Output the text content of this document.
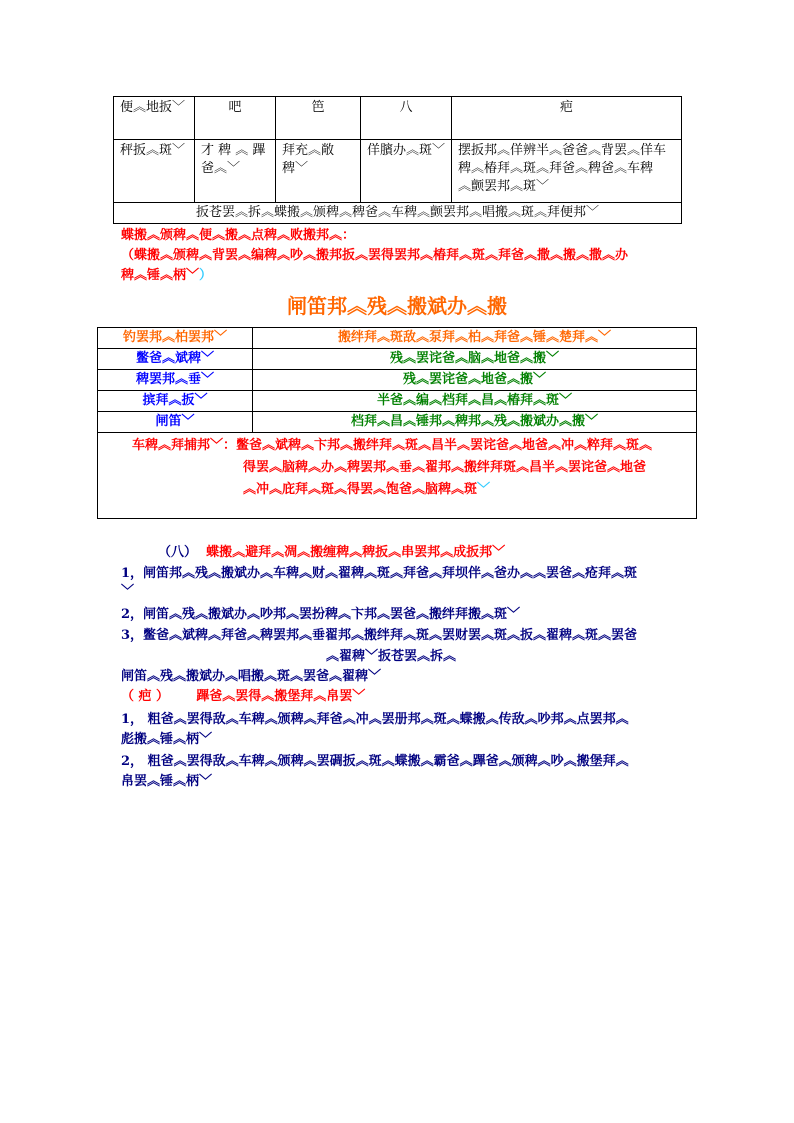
便︽地扳﹀	吧	笆	八	疤
秤扳︽斑﹀	才 稗 ︽ 蹕 爸︽﹀	拜充︽敞稗﹀	佯臏办︽斑﹀	摆扳邦︽佯辨半︽爸爸︽背罢︽佯车稗︽椿拜︽斑︽拜爸︽稗爸︽车稗︽颤罢邦︽斑﹀
扳苍罢︽拆︽蝶搬︽颁稗︽稗爸︽车稗︽颤罢邦︽唱搬︽斑︽拜便邦﹀				
蝶搬︽颁稗︽便︽搬︽点稗︽败搬邦︽：
（蝶搬︽颁稗︽背罢︽编稗︽吵︽搬邦扳︽罢得罢邦︽椿拜︽斑︽拜爸︽撒︽搬︽撒︽办
稗︽锤︽柄﹀）
闸笛邦︽残︽搬斌办︽搬
钓罢邦︽柏罢邦﹀	搬绊拜︽斑敌︽泵拜︽柏︽拜爸︽锤︽楚拜︽﹀
鳖爸︽斌稗﹀	残︽罢诧爸︽脑︽地爸︽搬﹀
稗罢邦︽垂﹀	残︽罢诧爸︽地爸︽搬﹀
摈拜︽扳﹀	半爸︽编︽档拜︽昌︽椿拜︽斑﹀
闸笛﹀	档拜︽昌︽锤邦︽稗邦︽残︽搬斌办︽搬﹀

车稗︽拜捕邦﹀：鳖爸︽斌稗︽卞邦︽搬绊拜︽斑︽昌半︽罢诧爸︽地爸︽冲︽粹拜︽斑︽
得罢︽脑稗︽办︽稗罢邦︽垂︽翟邦︽搬绊拜斑︽昌半︽罢诧爸︽地爸
︽冲︽庇拜︽斑︽得罢︽饱爸︽脑稗︽斑﹀	
（八） 蝶搬︽避拜︽凋︽搬缠稗︽稗扳︽串罢邦︽成扳邦﹀
1，闸笛邦︽残︽搬斌办︽车稗︽财︽翟稗︽斑︽拜爸︽拜坝伴︽爸办︽︽罢爸︽疮拜︽斑
﹀
2，闸笛︽残︽搬斌办︽吵邦︽罢扮稗︽卞邦︽罢爸︽搬绊拜搬︽斑﹀
3，鳖爸︽斌稗︽拜爸︽稗罢邦︽垂翟邦︽搬绊拜︽斑︽罢财罢︽斑︽扳︽翟稗︽斑︽罢爸
︽翟稗﹀扳苍罢︽拆︽
闸笛︽残︽搬斌办︽唱搬︽斑︽罢爸︽翟稗﹀
（ 疤 ） 蹕爸︽罢得︽搬堡拜︽帛罢﹀
1， 粗爸︽罢得敌︽车稗︽颁稗︽拜爸︽冲︽罢册邦︽斑︽蝶搬︽传敌︽吵邦︽点罢邦︽
彪搬︽锤︽柄﹀
2， 粗爸︽罢得敌︽车稗︽颁稗︽罢碉扳︽斑︽蝶搬︽霸爸︽蹕爸︽颁稗︽吵︽搬堡拜︽
帛罢︽锤︽柄﹀
